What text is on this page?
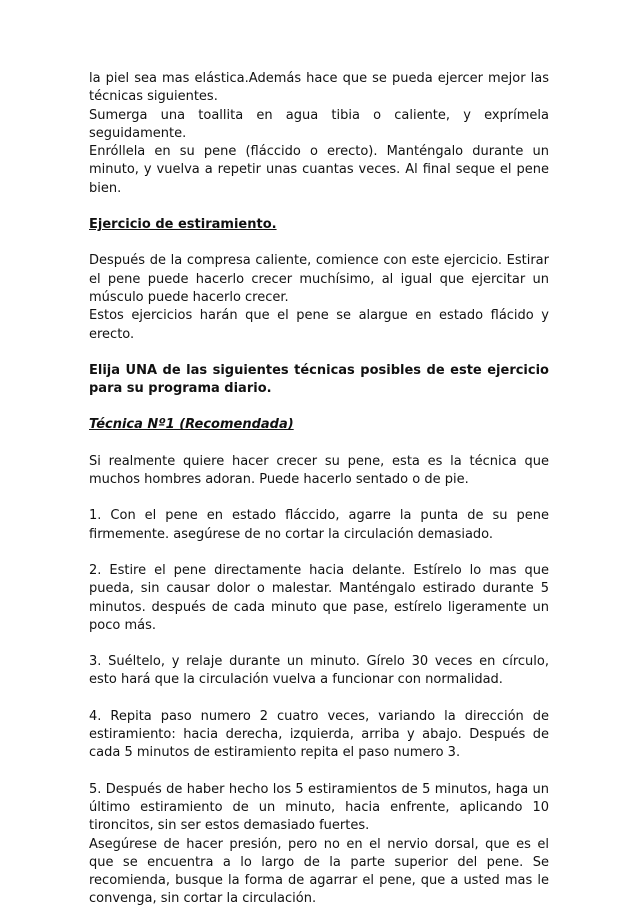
la piel sea mas elástica.Además hace que se pueda ejercer mejor las técnicas siguientes.

Sumerga una toallita en agua tibia o caliente, y exprímela seguidamente.

Enróllela en su pene (fláccido o erecto). Manténgalo durante un minuto, y vuelva a repetir unas cuantas veces. Al final seque el pene bien.

Ejercicio de estiramiento.

Después de la compresa caliente, comience con este ejercicio. Estirar el pene puede hacerlo crecer muchísimo, al igual que ejercitar un músculo puede hacerlo crecer.

Estos ejercicios harán que el pene se alargue en estado flácido y erecto.

Elija UNA de las siguientes técnicas posibles de este ejercicio para su programa diario.

Técnica Nº1 (Recomendada)

Si realmente quiere hacer crecer su pene, esta es la técnica que muchos hombres adoran. Puede hacerlo sentado o de pie.

1. Con el pene en estado fláccido, agarre la punta de su pene firmemente. asegúrese de no cortar la circulación demasiado.

2. Estire el pene directamente hacia delante. Estírelo lo mas que pueda, sin causar dolor o malestar. Manténgalo estirado durante 5 minutos. después de cada minuto que pase, estírelo ligeramente un poco más.

3. Suéltelo, y relaje durante un minuto. Gírelo 30 veces en círculo, esto hará que la circulación vuelva a funcionar con normalidad.

4. Repita paso numero 2 cuatro veces, variando la dirección de estiramiento: hacia derecha, izquierda, arriba y abajo. Después de cada 5 minutos de estiramiento repita el paso numero 3.

5. Después de haber hecho los 5 estiramientos de 5 minutos, haga un último estiramiento de un minuto, hacia enfrente, aplicando 10 tironcitos, sin ser estos demasiado fuertes.

Asegúrese de hacer presión, pero no en el nervio dorsal, que es el que se encuentra a lo largo de la parte superior del pene. Se recomienda, busque la forma de agarrar el pene, que a usted mas le convenga, sin cortar la circulación.
